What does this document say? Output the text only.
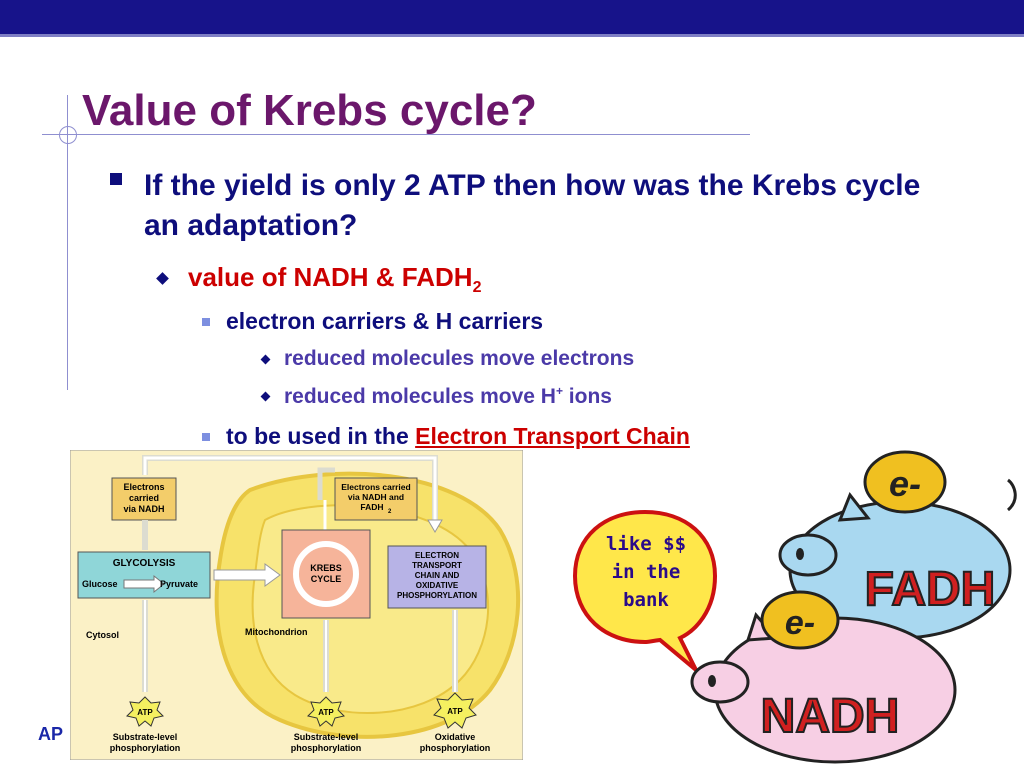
Value of Krebs cycle?
If the yield is only 2 ATP then how was the Krebs cycle an adaptation?
value of NADH & $FADH_2$
electron carriers & H carriers
reduced molecules move electrons
reduced molecules move H+ ions
to be used in the Electron Transport Chain
AP
Electrons
carried
via NADH
Electrons carried
via NADH and
FADH 2
GLYCOLYSIS
Glucose	Pyruvate
KREBS
CYCLE
ELECTRON
TRANSPORT
CHAIN AND
OXIDATIVE
PHOSPHORYLATION
Cytosol	Mitochondrion
ATP	ATP	ATP
Substrate-level
phosphorylation
Substrate-level
phosphorylation
Oxidative
phosphorylation
like $$
in the
bank
e-
FADH
e-
NADH
